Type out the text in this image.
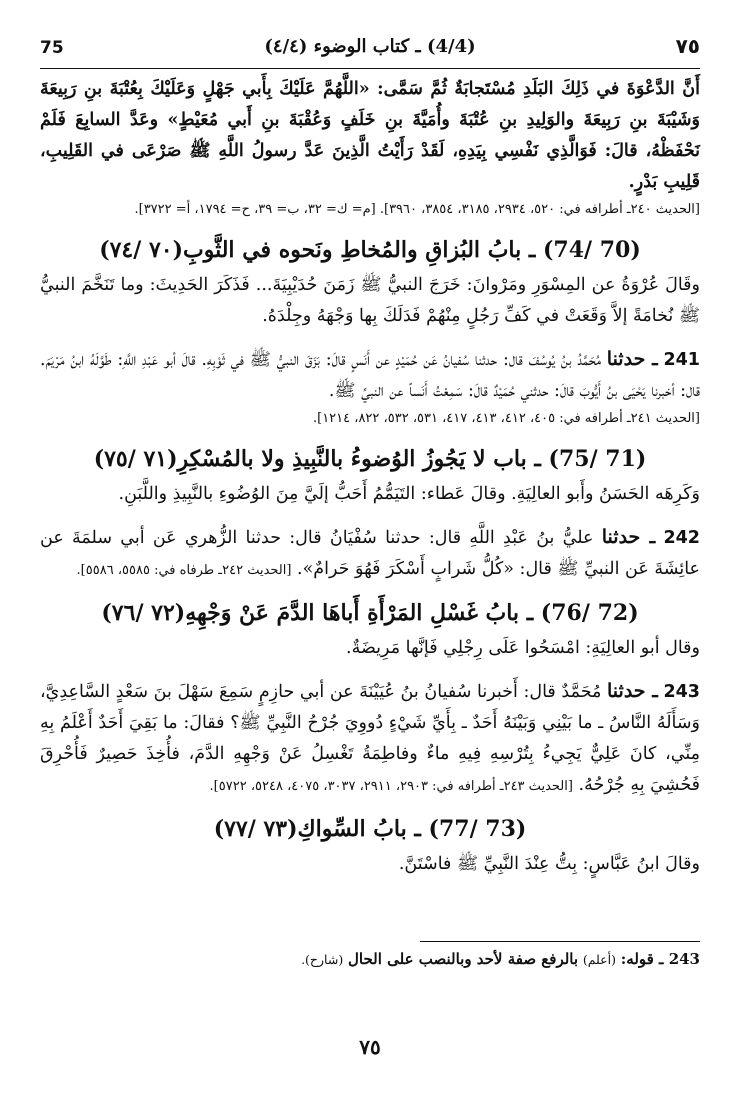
75	(4/4) ـ كتاب الوضوء (٤/٤)	٧٥

أَنَّ الدَّعْوَةَ في ذَلِكَ البَلَدِ مُسْتَجابَةٌ ثُمَّ سَمَّى: «اللَّهُمَّ عَلَيْكَ بِأَبي جَهْلٍ وَعَلَيْكَ بِعُتْبَةَ بنِ رَبِيعَةَ وَشَيْبَةَ بنِ رَبِيعَةَ والوَلِيدِ بنِ عُتْبَةَ وأُمَيَّةَ بنِ خَلَفٍ وَعُقْبَةَ بنِ أَبي مُعَيْطٍ» وعَدَّ السابِعَ فَلَمْ نَحْفَظْهُ، قالَ: فَوَالَّذِي نَفْسِي بِيَدِهِ، لَقَدْ رَأَيْتُ الَّذِينَ عَدَّ رسولُ اللَّهِ ﷺ صَرْعَى في القَلِيبِ، قَلِيبِ بَدْرٍ.

[الحديث ٢٤٠ـ أطرافه في: ٥٢٠، ٢٩٣٤، ٣١٨٥، ٣٨٥٤، ٣٩٦٠]. [م= ك= ٣٢، ب= ٣٩، ح= ١٧٩٤، أ= ٣٧٢٢].

(70 /74) ـ بابُ البُزاقِ والمُخاطِ ونَحوه في الثَّوبِ(٧٠ /٧٤)

وقَالَ عُرْوَةُ عن المِسْوَرِ ومَرْوانَ: خَرَجَ النبيُّ ﷺ زَمَنَ حُدَيْبِيَةَ... فَذَكَرَ الحَدِيثَ: وما تَنَخَّمَ النبيُّ ﷺ نُخامَةً إلاَّ وَقَعَتْ في كَفِّ رَجُلٍ مِنْهُمْ فَدَلَكَ بِها وَجْهَهُ وجِلْدَهُ.

241 ـ حدثنا مُحَمَّدُ بنُ يُوسُفَ قال: حدثنا سُفيانُ عَن حُمَيْدٍ عن أَنَسٍ قالَ: بَزَقَ النبيُّ ﷺ في ثَوْبِهِ. قالَ أبو عَبْدِ اللَّهِ: طَوَّلَهُ ابنُ مَرْيَمَ. قال: أخبرنا يَحْيَى بنُ أَيُّوبَ قالَ: حدثني حُمَيْدٌ قالَ: سَمِعْتُ أَنَساً عن النبيِّ ﷺ.

[الحديث ٢٤١ـ أطرافه في: ٤٠٥، ٤١٢، ٤١٣، ٤١٧، ٥٣١، ٥٣٢، ٨٢٢، ١٢١٤].

(71 /75) ـ باب لا يَجُوزُ الوُضوءُ بالنَّبِيذِ ولا بالمُسْكِرِ(٧١ /٧٥)

وَكَرِهَه الحَسَنُ وأَبو العالِيَةِ. وقالَ عَطاء: التَيَمُّمُ أَحَبُّ إلَيَّ مِنَ الوُضُوءِ بالنَّبِيذِ واللَّبَنِ.

242 ـ حدثنا عليُّ بنُ عَبْدِ اللَّهِ قال: حدثنا سُفْيَانُ قال: حدثنا الزُّهري عَن أبي سلمَةَ عن عائِشَةَ عَن النبيِّ ﷺ قال: «كُلُّ شَرابٍ أَسْكَرَ فَهُوَ حَرامٌ». [الحديث ٢٤٢ـ طرفاه في: ٥٥٨٥، ٥٥٨٦].

(72 /76) ـ بابُ غَسْلِ المَرْأَةِ أَباهَا الدَّمَ عَنْ وَجْهِهِ(٧٢ /٧٦)

وقال أبو العالِيَةِ: امْسَحُوا عَلَى رِجْلِي فَإنَّها مَرِيضَةٌ.

243 ـ حدثنا مُحَمَّدٌ قال: أَخبرنا سُفيانُ بنُ عُيَيْنَةَ عن أبي حازِمٍ سَمِعَ سَهْلَ بنَ سَعْدٍ السَّاعِدِيَّ، وَسَأَلَهُ النَّاسُ ـ ما بَيْنِي وَبَيْنَهُ أَحَدٌ ـ بِأَيِّ شَيْءٍ دُووِيَ جُرْحُ النَّبِيِّ ﷺ؟ فقالَ: ما بَقِيَ أَحَدٌ أَعْلَمُ بِهِ مِنِّي، كانَ عَلِيٌّ يَجِيءُ بِتُرْسِهِ فِيهِ ماءٌ وفاطِمَةُ تَغْسِلُ عَنْ وَجْهِهِ الدَّمَ، فأُخِذَ حَصِيرٌ فَأُحْرِقَ فَحُشِيَ بِهِ جُرْحُهُ. [الحديث ٢٤٣ـ أطرافه في: ٢٩٠٣، ٢٩١١، ٣٠٣٧، ٤٠٧٥، ٥٢٤٨، ٥٧٢٢].

(73 /77) ـ بابُ السِّواكِ(٧٣ /٧٧)

وقالَ ابنُ عَبَّاسٍ: بِتُّ عِنْدَ النَّبِيِّ ﷺ فاسْتَنَّ.

243 ـ قوله: (أعلم) بالرفع صفة لأحد وبالنصب على الحال (شارح).
٧٥
